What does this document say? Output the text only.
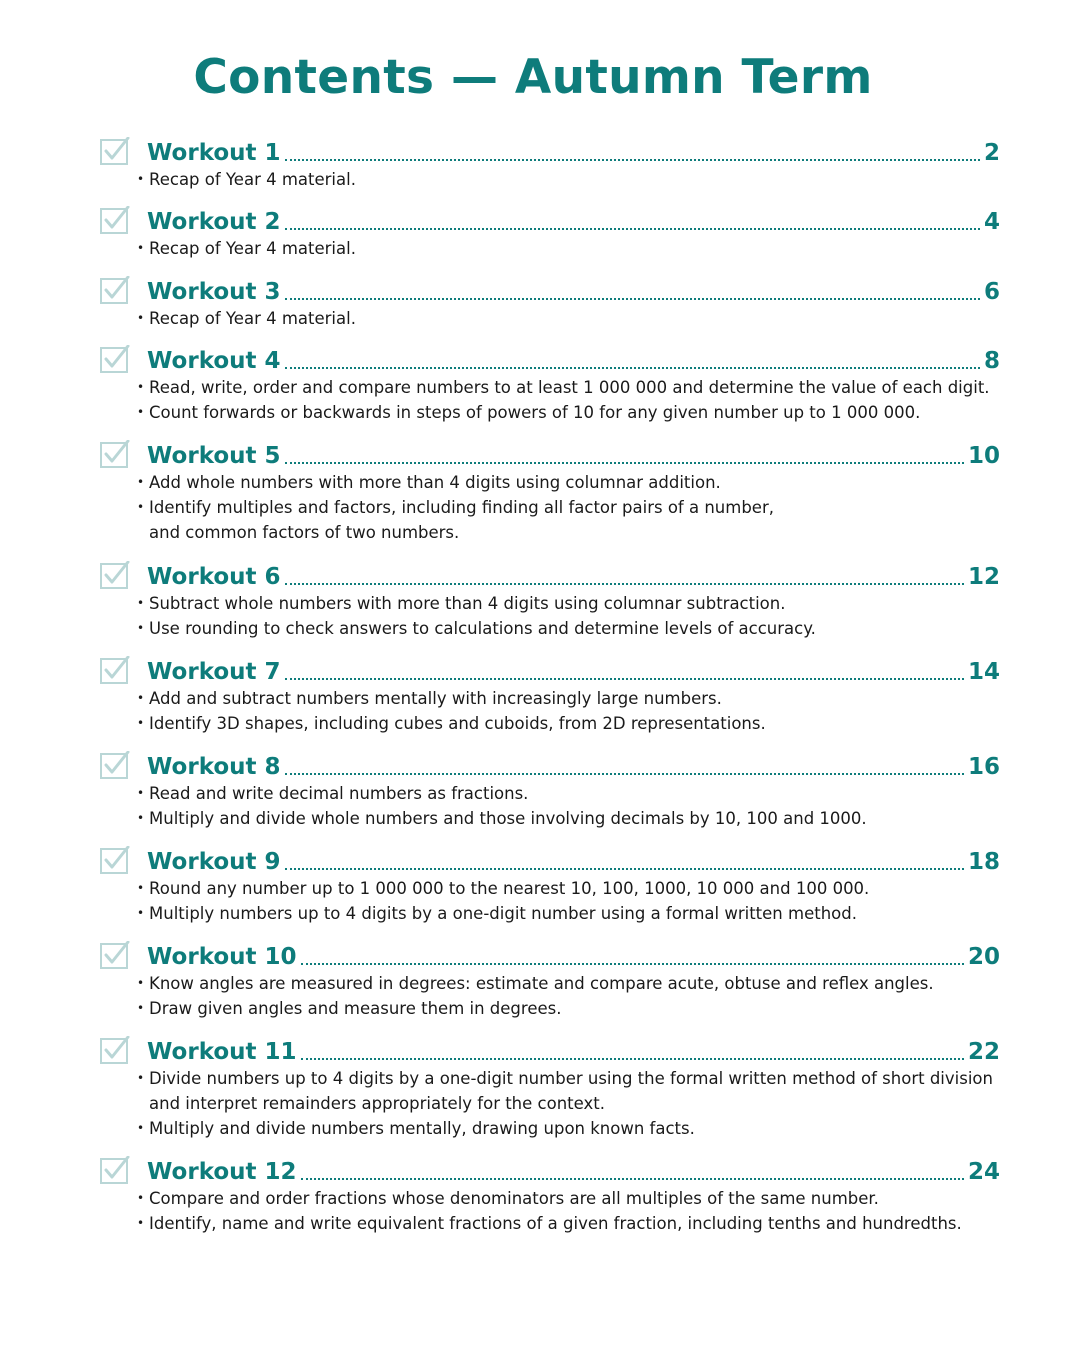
Contents — Autumn Term
Workout 1	2
• Recap of Year 4 material.
Workout 2	4
• Recap of Year 4 material.
Workout 3	6
• Recap of Year 4 material.
Workout 4	8
• Read, write, order and compare numbers to at least 1 000 000 and determine the value of each digit.
• Count forwards or backwards in steps of powers of 10 for any given number up to 1 000 000.
Workout 5	10
• Add whole numbers with more than 4 digits using columnar addition.
• Identify multiples and factors, including finding all factor pairs of a number,
and common factors of two numbers.
Workout 6	12
• Subtract whole numbers with more than 4 digits using columnar subtraction.
• Use rounding to check answers to calculations and determine levels of accuracy.
Workout 7	14
• Add and subtract numbers mentally with increasingly large numbers.
• Identify 3D shapes, including cubes and cuboids, from 2D representations.
Workout 8	16
• Read and write decimal numbers as fractions.
• Multiply and divide whole numbers and those involving decimals by 10, 100 and 1000.
Workout 9	18
• Round any number up to 1 000 000 to the nearest 10, 100, 1000, 10 000 and 100 000.
• Multiply numbers up to 4 digits by a one-digit number using a formal written method.
Workout 10	20
• Know angles are measured in degrees: estimate and compare acute, obtuse and reflex angles.
• Draw given angles and measure them in degrees.
Workout 11	22
• Divide numbers up to 4 digits by a one-digit number using the formal written method of short division
and interpret remainders appropriately for the context.
• Multiply and divide numbers mentally, drawing upon known facts.
Workout 12	24
• Compare and order fractions whose denominators are all multiples of the same number.
• Identify, name and write equivalent fractions of a given fraction, including tenths and hundredths.
